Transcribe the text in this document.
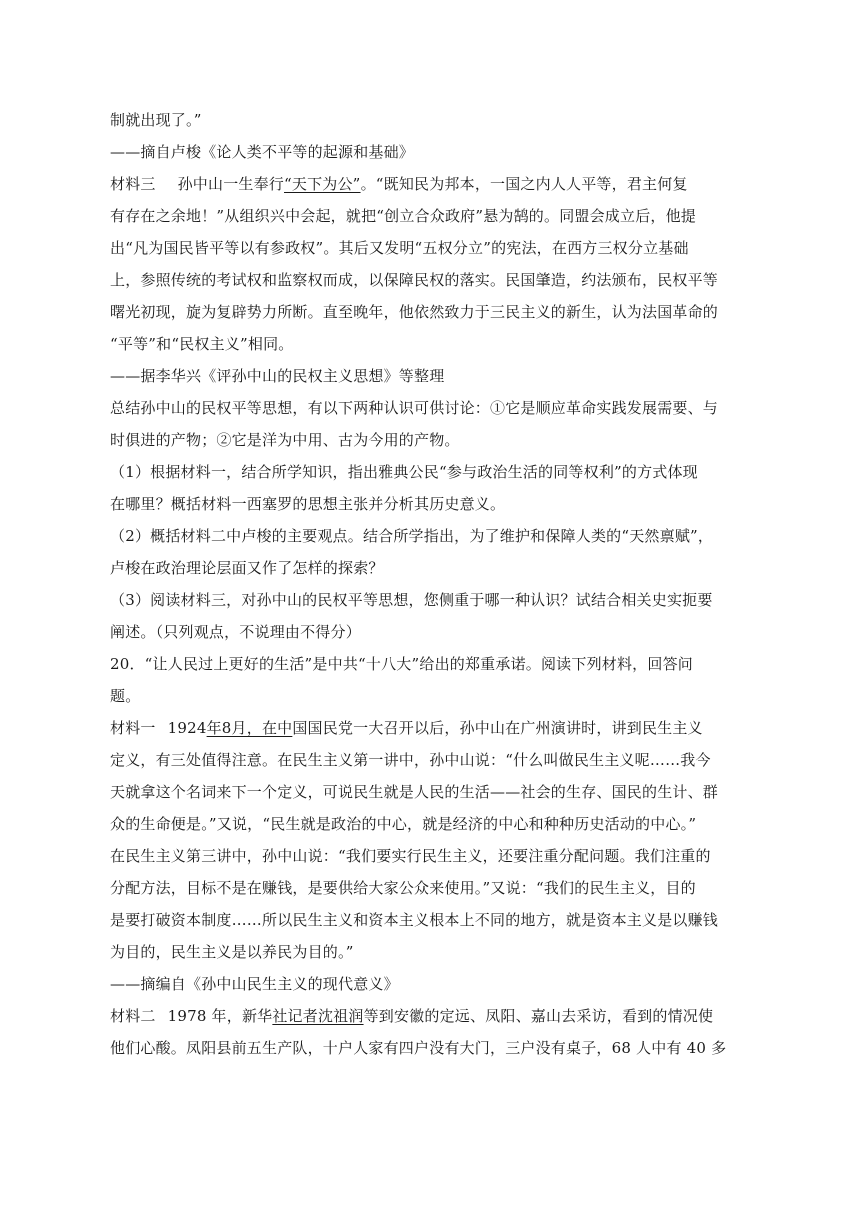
制就出现了。”
——摘自卢梭《论人类不平等的起源和基础》
材料三 孙中山一生奉行“天下为公”。“既知民为邦本，一国之内人人平等，君主何复
有存在之余地！”从组织兴中会起，就把“创立合众政府”悬为鹄的。同盟会成立后，他提
出“凡为国民皆平等以有参政权”。其后又发明“五权分立”的宪法，在西方三权分立基础
上，参照传统的考试权和监察权而成，以保障民权的落实。民国肇造，约法颁布，民权平等
曙光初现，旋为复辟势力所断。直至晚年，他依然致力于三民主义的新生，认为法国革命的
“平等”和“民权主义”相同。
——据李华兴《评孙中山的民权主义思想》等整理
总结孙中山的民权平等思想，有以下两种认识可供讨论：①它是顺应革命实践发展需要、与
时俱进的产物；②它是洋为中用、古为今用的产物。
（1）根据材料一，结合所学知识，指出雅典公民“参与政治生活的同等权利”的方式体现
在哪里？概括材料一西塞罗的思想主张并分析其历史意义。
（2）概括材料二中卢梭的主要观点。结合所学指出，为了维护和保障人类的“天然禀赋”，
卢梭在政治理论层面又作了怎样的探索？
（3）阅读材料三，对孙中山的民权平等思想，您侧重于哪一种认识？试结合相关史实扼要
阐述。（只列观点，不说理由不得分）
20．“让人民过上更好的生活”是中共“十八大”给出的郑重承诺。阅读下列材料，回答问
题。
材料一 1924年8月，在中国国民党一大召开以后，孙中山在广州演讲时，讲到民生主义
定义，有三处值得注意。在民生主义第一讲中，孙中山说：“什么叫做民生主义呢……我今
天就拿这个名词来下一个定义，可说民生就是人民的生活——社会的生存、国民的生计、群
众的生命便是。”又说，“民生就是政治的中心，就是经济的中心和种种历史活动的中心。”
在民生主义第三讲中，孙中山说：“我们要实行民生主义，还要注重分配问题。我们注重的
分配方法，目标不是在赚钱，是要供给大家公众来使用。”又说：“我们的民生主义，目的
是要打破资本制度……所以民生主义和资本主义根本上不同的地方，就是资本主义是以赚钱
为目的，民生主义是以养民为目的。”
——摘编自《孙中山民生主义的现代意义》
材料二 1978 年，新华社记者沈祖润等到安徽的定远、凤阳、嘉山去采访，看到的情况使
他们心酸。凤阳县前五生产队，十户人家有四户没有大门，三户没有桌子，68 人中有 40 多
